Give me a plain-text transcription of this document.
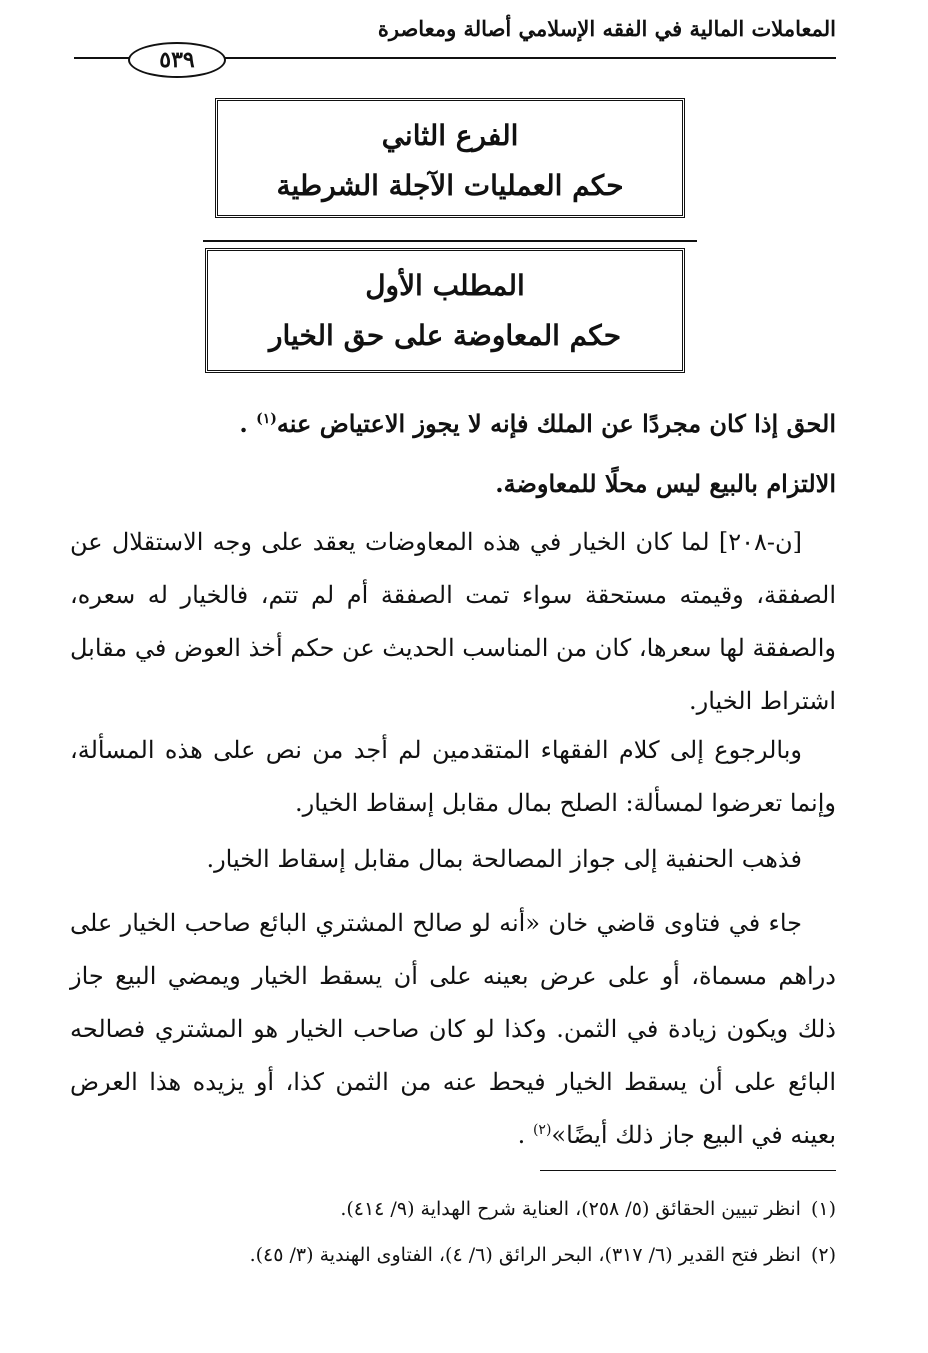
المعاملات المالية في الفقه الإسلامي أصالة ومعاصرة
٥٣٩
الفرع الثاني
حكم العمليات الآجلة الشرطية
المطلب الأول
حكم المعاوضة على حق الخيار
الحق إذا كان مجردًا عن الملك فإنه لا يجوز الاعتياض عنه$^{(١)}$ .
الالتزام بالبيع ليس محلًا للمعاوضة.

[ن-٢٠٨] لما كان الخيار في هذه المعاوضات يعقد على وجه الاستقلال عن الصفقة، وقيمته مستحقة سواء تمت الصفقة أم لم تتم، فالخيار له سعره، والصفقة لها سعرها، كان من المناسب الحديث عن حكم أخذ العوض في مقابل اشتراط الخيار.

وبالرجوع إلى كلام الفقهاء المتقدمين لم أجد من نص على هذه المسألة، وإنما تعرضوا لمسألة: الصلح بمال مقابل إسقاط الخيار.

فذهب الحنفية إلى جواز المصالحة بمال مقابل إسقاط الخيار.

جاء في فتاوى قاضي خان «أنه لو صالح المشتري البائع صاحب الخيار على دراهم مسماة، أو على عرض بعينه على أن يسقط الخيار ويمضي البيع جاز ذلك ويكون زيادة في الثمن. وكذا لو كان صاحب الخيار هو المشتري فصالحه البائع على أن يسقط الخيار فيحط عنه من الثمن كذا، أو يزيده هذا العرض بعينه في البيع جاز ذلك أيضًا»$^{(٢)}$ .

(١)انظر تبيين الحقائق (٥/ ٢٥٨)، العناية شرح الهداية (٩/ ٤١٤).

(٢)انظر فتح القدير (٦/ ٣١٧)، البحر الرائق (٦/ ٤)، الفتاوى الهندية (٣/ ٤٥).
